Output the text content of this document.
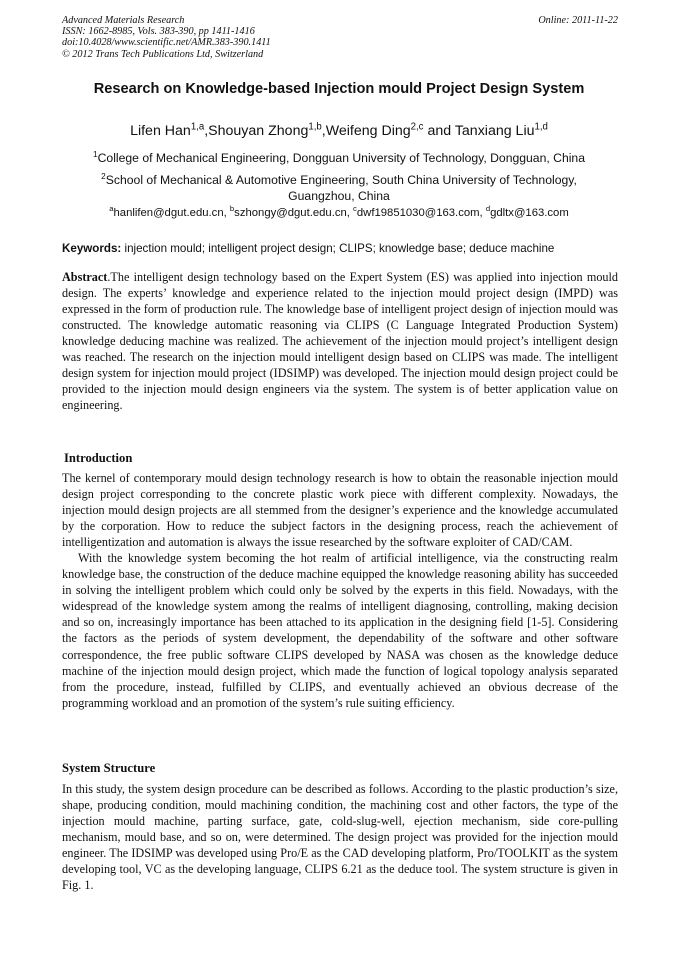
Advanced Materials Research
ISSN: 1662-8985, Vols. 383-390, pp 1411-1416
doi:10.4028/www.scientific.net/AMR.383-390.1411
© 2012 Trans Tech Publications Ltd, Switzerland
Online: 2011-11-22
Research on Knowledge-based Injection mould Project Design System
Lifen Han$^{1,a}$,Shouyan Zhong$^{1,b}$,Weifeng Ding$^{2,c}$ and Tanxiang Liu$^{1,d}$
$^1$College of Mechanical Engineering, Dongguan University of Technology, Dongguan, China
$^2$School of Mechanical & Automotive Engineering, South China University of Technology, Guangzhou, China
$^a$hanlifen@dgut.edu.cn, $^b$szhongy@dgut.edu.cn, $^c$dwf19851030@163.com, $^d$gdltx@163.com
Keywords: injection mould; intelligent project design; CLIPS; knowledge base; deduce machine

Abstract.The intelligent design technology based on the Expert System (ES) was applied into injection mould design. The experts’ knowledge and experience related to the injection mould project design (IMPD) was expressed in the form of production rule. The knowledge base of intelligent project design of injection mould was constructed. The knowledge automatic reasoning via CLIPS (C Language Integrated Production System) knowledge deducing machine was realized. The achievement of the injection mould project’s intelligent design was reached. The research on the injection mould intelligent design based on CLIPS was made. The intelligent design system for injection mould project (IDSIMP) was developed. The injection mould design project could be provided to the injection mould design engineers via the system. The system is of better application value on engineering.

Introduction

The kernel of contemporary mould design technology research is how to obtain the reasonable injection mould design project corresponding to the concrete plastic work piece with different complexity. Nowadays, the injection mould design projects are all stemmed from the designer’s experience and the knowledge accumulated by the corporation. How to reduce the subject factors in the designing process, reach the achievement of intelligentization and automation is always the issue researched by the software exploiter of CAD/CAM.

With the knowledge system becoming the hot realm of artificial intelligence, via the constructing realm knowledge base, the construction of the deduce machine equipped the knowledge reasoning ability has succeeded in solving the intelligent problem which could only be solved by the experts in this field. Nowadays, with the widespread of the knowledge system among the realms of intelligent diagnosing, controlling, making decision and so on, increasingly importance has been attached to its application in the designing field [1-5]. Considering the factors as the periods of system development, the dependability of the software and other software correspondence, the free public software CLIPS developed by NASA was chosen as the knowledge deduce machine of the injection mould design project, which made the function of logical topology analysis separated from the procedure, instead, fulfilled by CLIPS, and eventually achieved an obvious decrease of the programming workload and an promotion of the system’s rule suiting efficiency.

System Structure

In this study, the system design procedure can be described as follows. According to the plastic production’s size, shape, producing condition, mould machining condition, the machining cost and other factors, the type of the injection mould machine, parting surface, gate, cold-slug-well, ejection mechanism, side core-pulling mechanism, mould base, and so on, were determined. The design project was provided for the injection mould engineer. The IDSIMP was developed using Pro/E as the CAD developing platform, Pro/TOOLKIT as the system developing tool, VC as the developing language, CLIPS 6.21 as the deduce tool. The system structure is given in Fig. 1.
